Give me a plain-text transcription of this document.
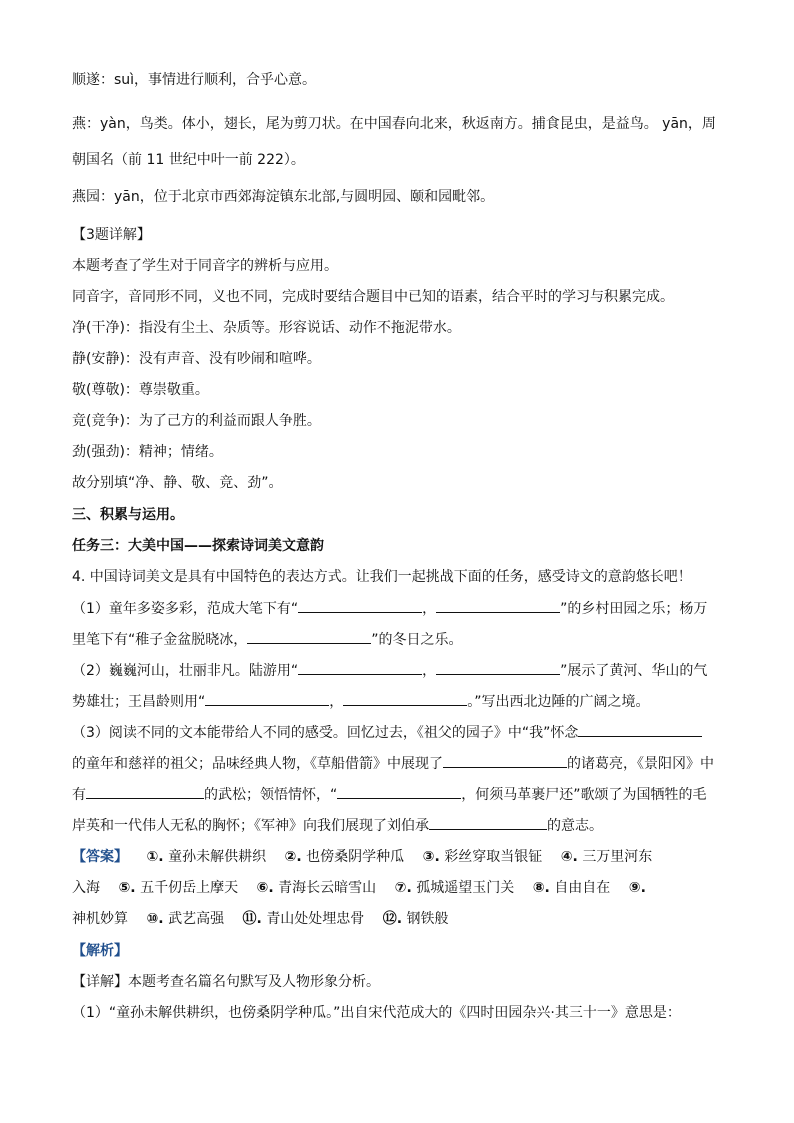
顺遂：suì，事情进行顺利，合乎心意。
燕：yàn，鸟类。体小，翅长，尾为剪刀状。在中国春向北来，秋返南方。捕食昆虫，是益鸟。 yān，周
朝国名（前 11 世纪中叶一前 222）。
燕园：yān，位于北京市西郊海淀镇东北部,与圆明园、颐和园毗邻。
【3题详解】
本题考查了学生对于同音字的辨析与应用。
同音字，音同形不同，义也不同，完成时要结合题目中已知的语素，结合平时的学习与积累完成。
净(干净)：指没有尘土、杂质等。形容说话、动作不拖泥带水。
静(安静)：没有声音、没有吵闹和喧哗。
敬(尊敬)：尊崇敬重。
竞(竞争)：为了己方的利益而跟人争胜。
劲(强劲)：精神；情绪。
故分别填“净、静、敬、竞、劲”。
三、积累与运用。
任务三：大美中国——探索诗词美文意韵
4. 中国诗词美文是具有中国特色的表达方式。让我们一起挑战下面的任务，感受诗文的意韵悠长吧！
（1）童年多姿多彩，范成大笔下有“	，	”的乡村田园之乐；杨万
里笔下有“稚子金盆脱晓冰，	”的冬日之乐。
（2）巍巍河山，壮丽非凡。陆游用“	，	”展示了黄河、华山的气
势雄壮；王昌龄则用“	，	。”写出西北边陲的广阔之境。
（3）阅读不同的文本能带给人不同的感受。回忆过去，《祖父的园子》中“我”怀念
的童年和慈祥的祖父；品味经典人物，《草船借箭》中展现了	的诸葛亮，《景阳冈》中
有	的武松；领悟情怀，“	，何须马革裹尸还”歌颂了为国牺牲的毛
岸英和一代伟人无私的胸怀；《军神》向我们展现了刘伯承	的意志。
【答案】 ①. 童孙未解供耕织 ②. 也傍桑阴学种瓜 ③. 彩丝穿取当银钲 ④. 三万里河东
入海 ⑤. 五千仞岳上摩天 ⑥. 青海长云暗雪山 ⑦. 孤城遥望玉门关 ⑧. 自由自在 ⑨.
神机妙算 ⑩. 武艺高强 ⑪. 青山处处埋忠骨 ⑫. 钢铁般
【解析】
【详解】本题考查名篇名句默写及人物形象分析。
（1）“童孙未解供耕织，也傍桑阴学种瓜。”出自宋代范成大的《四时田园杂兴·其三十一》意思是：
